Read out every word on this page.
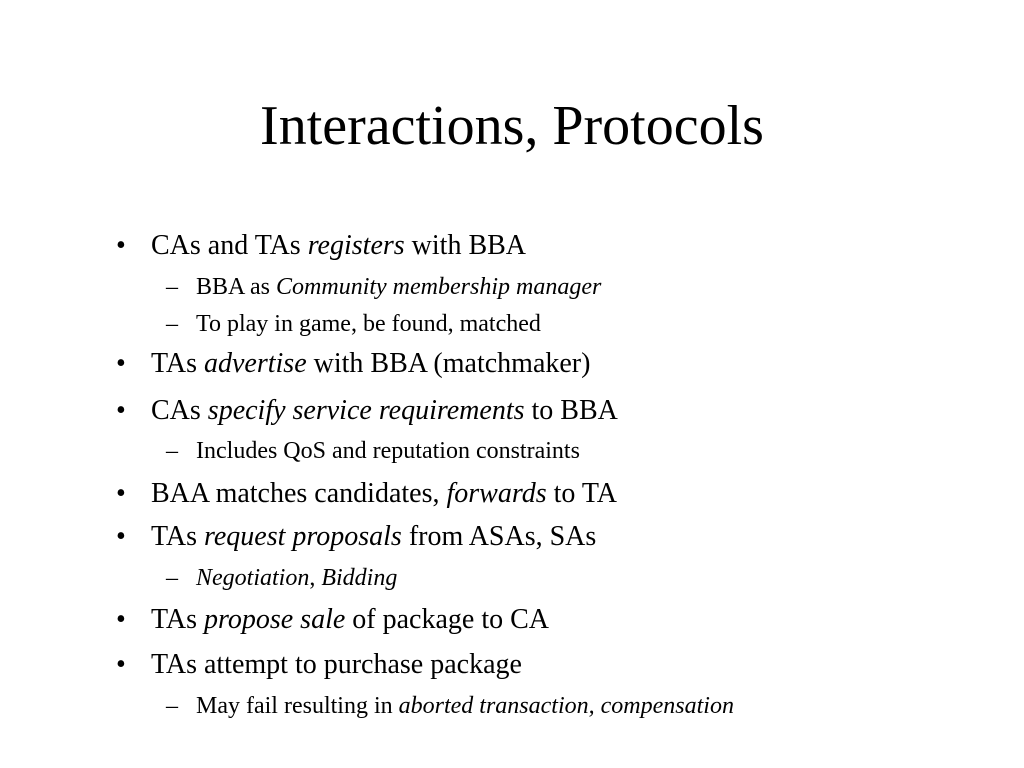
Interactions, Protocols
• CAs and TAs registers with BBA
– BBA as Community membership manager
– To play in game, be found, matched
• TAs advertise with BBA (matchmaker)
• CAs specify service requirements to BBA
– Includes QoS and reputation constraints
• BAA matches candidates, forwards to TA
• TAs request proposals from ASAs, SAs
– Negotiation, Bidding
• TAs propose sale of package to CA
• TAs attempt to purchase package
– May fail resulting in aborted transaction, compensation
